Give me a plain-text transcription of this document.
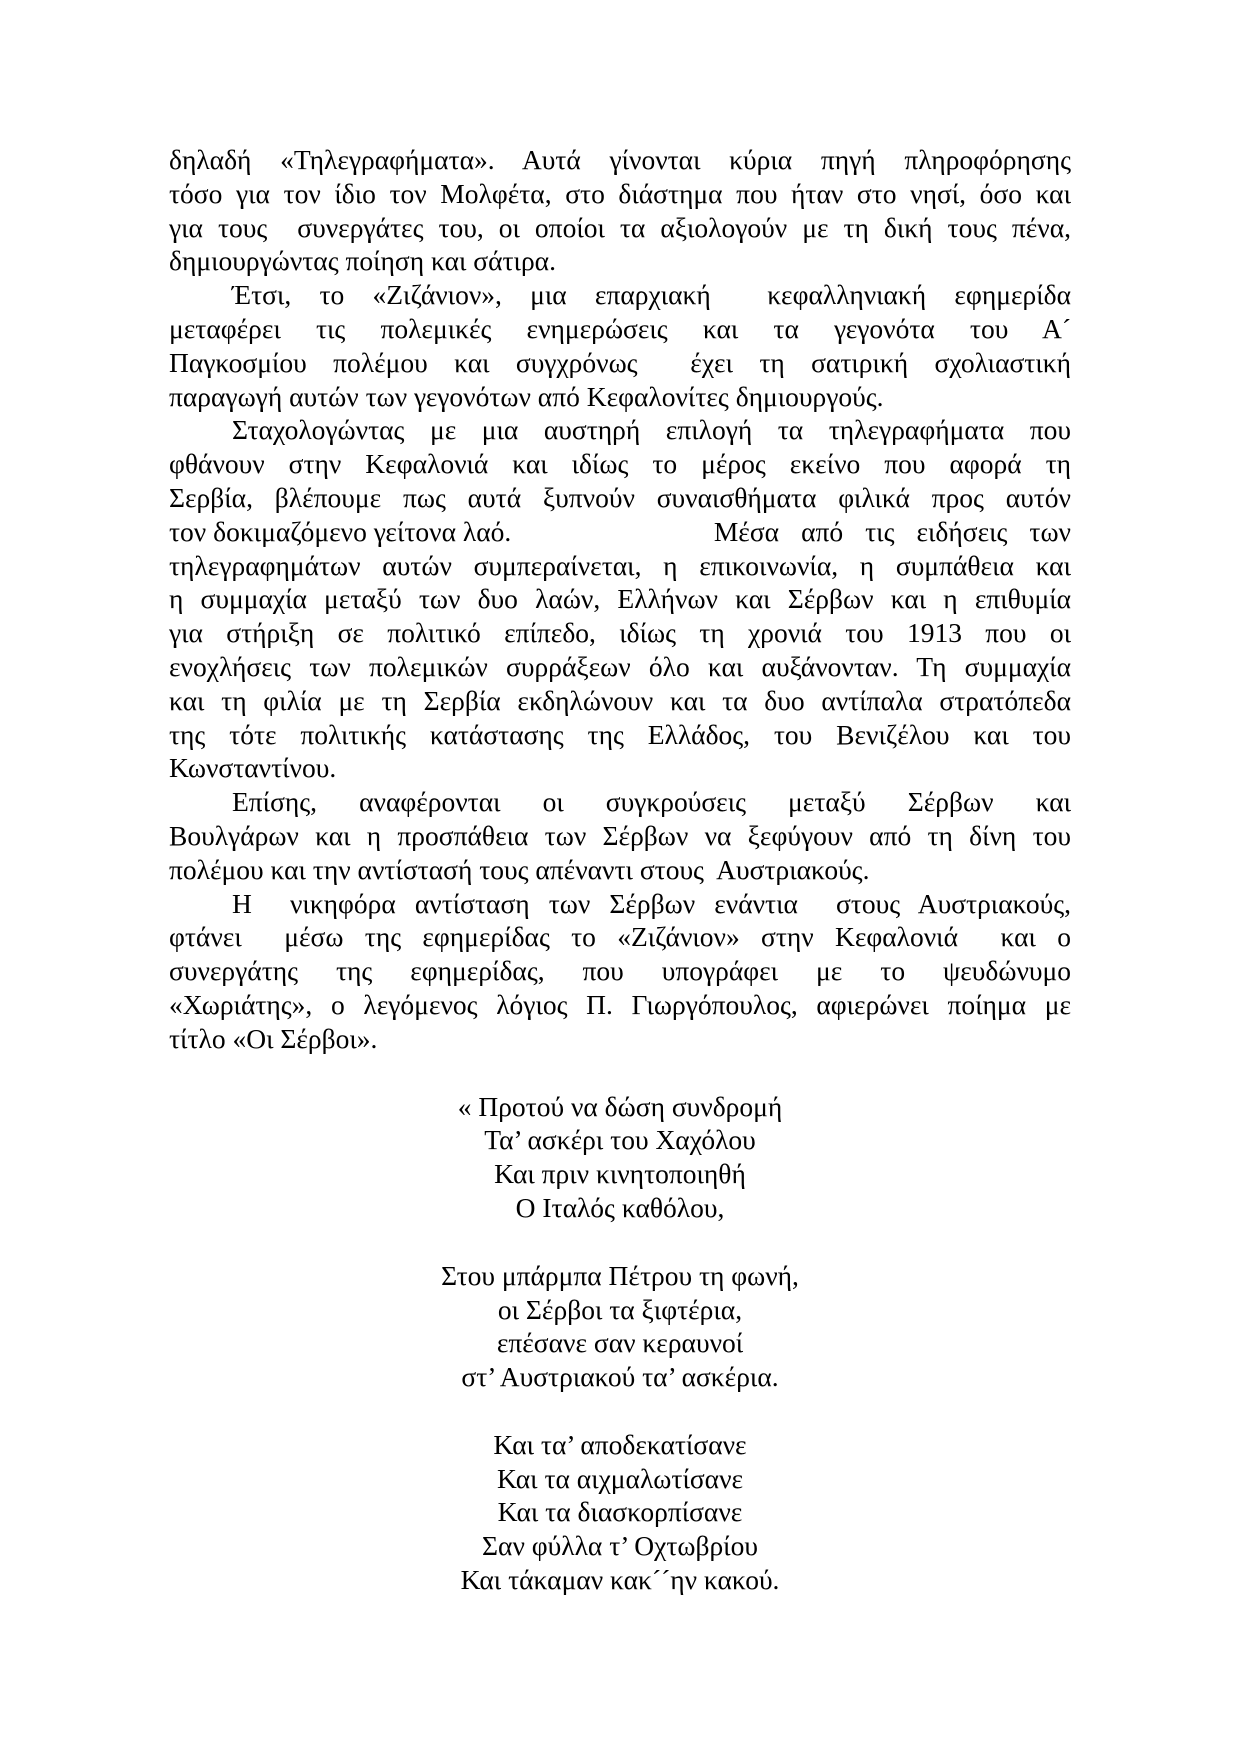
δηλαδή «Τηλεγραφήματα». Αυτά γίνονται κύρια πηγή πληροφόρησης
τόσο για τον ίδιο τον Μολφέτα, στο διάστημα που ήταν στο νησί, όσο και
για τους  συνεργάτες του, οι οποίοι τα αξιολογούν με τη δική τους πένα,
δημιουργώντας ποίηση και σάτιρα.
Έτσι, το «Ζιζάνιον», μια επαρχιακή  κεφαλληνιακή εφημερίδα
μεταφέρει τις πολεμικές ενημερώσεις και τα γεγονότα του Α´
Παγκοσμίου πολέμου και συγχρόνως  έχει τη σατιρική σχολιαστική
παραγωγή αυτών των γεγονότων από Κεφαλονίτες δημιουργούς.
Σταχολογώντας με μια αυστηρή επιλογή τα τηλεγραφήματα που
φθάνουν στην Κεφαλονιά και ιδίως το μέρος εκείνο που αφορά τη
Σερβία, βλέπουμε πως αυτά ξυπνούν συναισθήματα φιλικά προς αυτόν
τον δοκιμαζόμενο γείτονα λαό.	Μέσα από τις ειδήσεις των
τηλεγραφημάτων αυτών συμπεραίνεται, η επικοινωνία, η συμπάθεια και
η συμμαχία μεταξύ των δυο λαών, Ελλήνων και Σέρβων και η επιθυμία
για στήριξη σε πολιτικό επίπεδο, ιδίως τη χρονιά του 1913 που οι
ενοχλήσεις των πολεμικών συρράξεων όλο και αυξάνονταν. Τη συμμαχία
και τη φιλία με τη Σερβία εκδηλώνουν και τα δυο αντίπαλα στρατόπεδα
της τότε πολιτικής κατάστασης της Ελλάδος, του Βενιζέλου και του
Κωνσταντίνου.
Επίσης, αναφέρονται οι συγκρούσεις μεταξύ Σέρβων και
Βουλγάρων και η προσπάθεια των Σέρβων να ξεφύγουν από τη δίνη του
πολέμου και την αντίστασή τους απέναντι στους  Αυστριακούς.
Η  νικηφόρα αντίσταση των Σέρβων ενάντια  στους Αυστριακούς,
φτάνει  μέσω της εφημερίδας το «Ζιζάνιον» στην Κεφαλονιά  και ο
συνεργάτης της εφημερίδας, που υπογράφει με το ψευδώνυμο
«Χωριάτης», ο λεγόμενος λόγιος Π. Γιωργόπουλος, αφιερώνει ποίημα με
τίτλο «Οι Σέρβοι».
« Προτού να δώση συνδρομή
Τα’ ασκέρι του Χαχόλου
Και πριν κινητοποιηθή
Ο Ιταλός καθόλου,
Στου μπάρμπα Πέτρου τη φωνή,
οι Σέρβοι τα ξιφτέρια,
επέσανε σαν κεραυνοί
στ’ Αυστριακού τα’ ασκέρια.
Και τα’ αποδεκατίσανε
Και τα αιχμαλωτίσανε
Και τα διασκορπίσανε
Σαν φύλλα τ’ Οχτωβρίου
Και τάκαμαν κακ´´ην κακού.
